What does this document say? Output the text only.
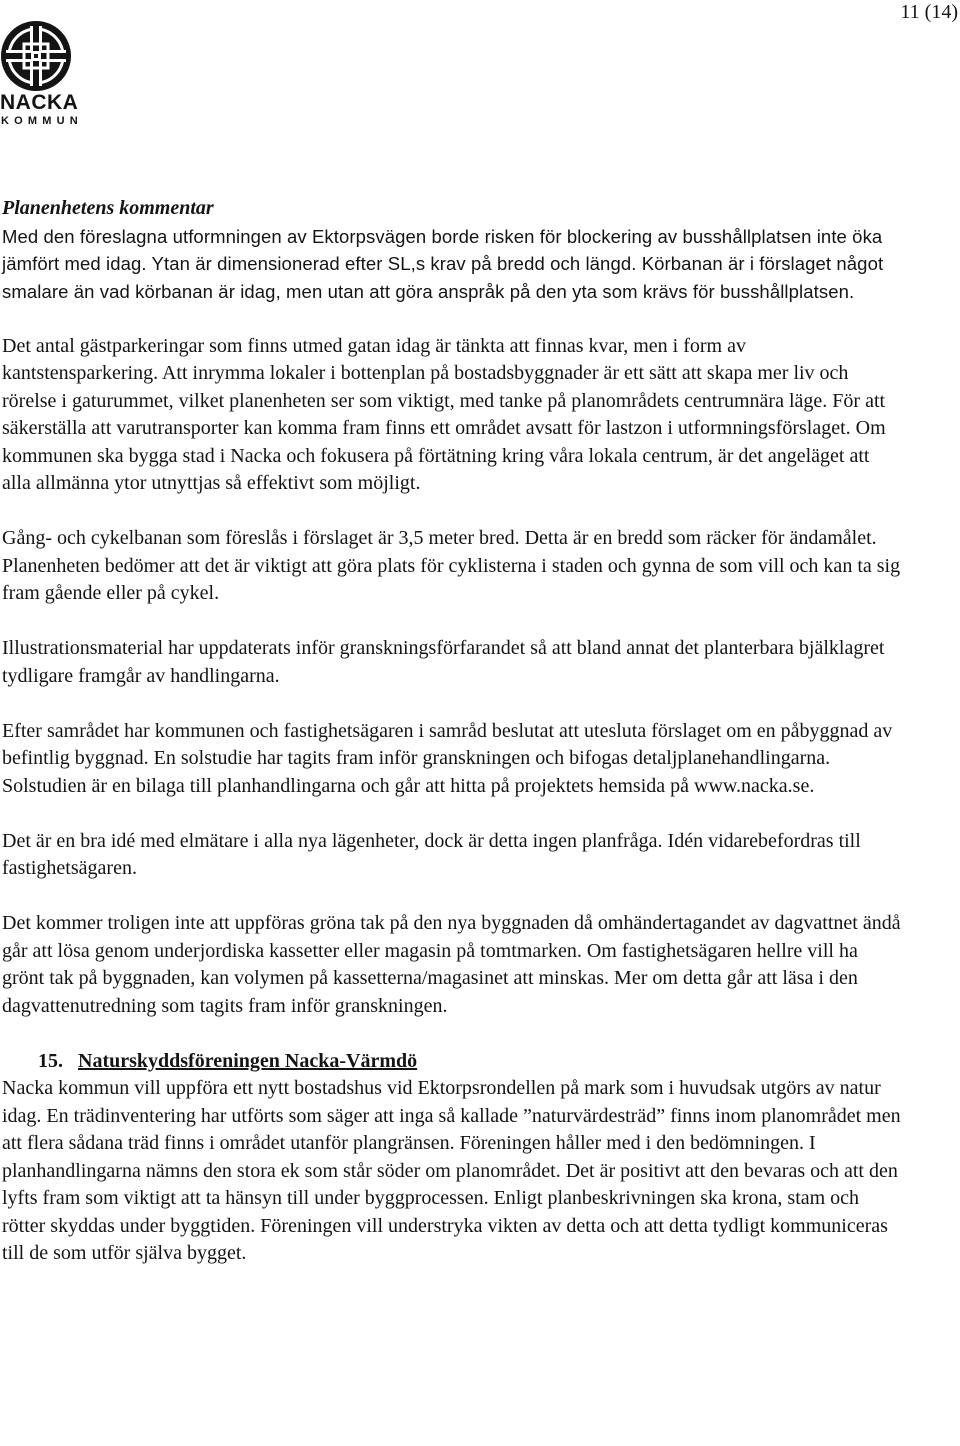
11 (14)
NACKA
KOMMUN

Planenhetens kommentar

Med den föreslagna utformningen av Ektorpsvägen borde risken för blockering av busshållplatsen inte öka jämfört med idag. Ytan är dimensionerad efter SL,s krav på bredd och längd. Körbanan är i förslaget något smalare än vad körbanan är idag, men utan att göra anspråk på den yta som krävs för busshållplatsen.

Det antal gästparkeringar som finns utmed gatan idag är tänkta att finnas kvar, men i form av kantstensparkering. Att inrymma lokaler i bottenplan på bostadsbyggnader är ett sätt att skapa mer liv och rörelse i gaturummet, vilket planenheten ser som viktigt, med tanke på planområdets centrumnära läge. För att säkerställa att varutransporter kan komma fram finns ett området avsatt för lastzon i utformningsförslaget. Om kommunen ska bygga stad i Nacka och fokusera på förtätning kring våra lokala centrum, är det angeläget att alla allmänna ytor utnyttjas så effektivt som möjligt.

Gång- och cykelbanan som föreslås i förslaget är 3,5 meter bred. Detta är en bredd som räcker för ändamålet. Planenheten bedömer att det är viktigt att göra plats för cyklisterna i staden och gynna de som vill och kan ta sig fram gående eller på cykel.

Illustrationsmaterial har uppdaterats inför granskningsförfarandet så att bland annat det planterbara bjälklagret tydligare framgår av handlingarna.

Efter samrådet har kommunen och fastighetsägaren i samråd beslutat att utesluta förslaget om en påbyggnad av befintlig byggnad. En solstudie har tagits fram inför granskningen och bifogas detaljplanehandlingarna. Solstudien är en bilaga till planhandlingarna och går att hitta på projektets hemsida på www.nacka.se.

Det är en bra idé med elmätare i alla nya lägenheter, dock är detta ingen planfråga. Idén vidarebefordras till fastighetsägaren.

Det kommer troligen inte att uppföras gröna tak på den nya byggnaden då omhändertagandet av dagvattnet ändå går att lösa genom underjordiska kassetter eller magasin på tomtmarken. Om fastighetsägaren hellre vill ha grönt tak på byggnaden, kan volymen på kassetterna/magasinet att minskas. Mer om detta går att läsa i den dagvattenutredning som tagits fram inför granskningen.

15. Naturskyddsföreningen Nacka-Värmdö

Nacka kommun vill uppföra ett nytt bostadshus vid Ektorpsrondellen på mark som i huvudsak utgörs av natur idag. En trädinventering har utförts som säger att inga så kallade ”naturvärdesträd” finns inom planområdet men att flera sådana träd finns i området utanför plangränsen. Föreningen håller med i den bedömningen. I planhandlingarna nämns den stora ek som står söder om planområdet. Det är positivt att den bevaras och att den lyfts fram som viktigt att ta hänsyn till under byggprocessen. Enligt planbeskrivningen ska krona, stam och rötter skyddas under byggtiden. Föreningen vill understryka vikten av detta och att detta tydligt kommuniceras till de som utför själva bygget.
